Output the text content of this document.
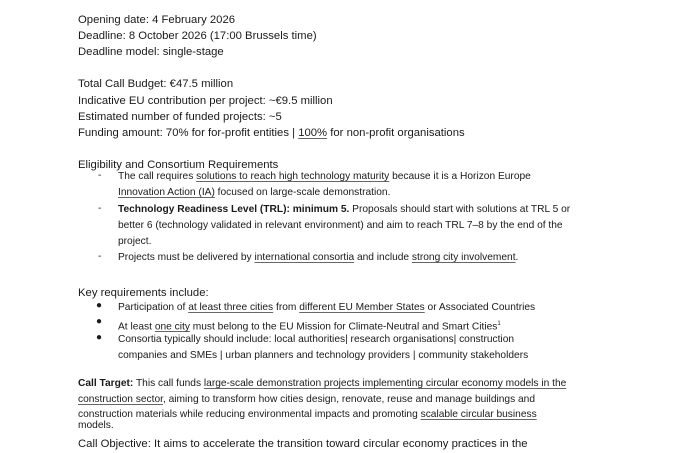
Opening date: 4 February 2026
Deadline: 8 October 2026 (17:00 Brussels time)
Deadline model: single-stage
Total Call Budget: €47.5 million
Indicative EU contribution per project: ~€9.5 million
Estimated number of funded projects: ~5
Funding amount: 70% for for-profit entities | 100% for non-profit organisations
Eligibility and Consortium Requirements
- The call requires solutions to reach high technology maturity because it is a Horizon Europe
Innovation Action (IA) focused on large-scale demonstration.
- Technology Readiness Level (TRL): minimum 5. Proposals should start with solutions at TRL 5 or
better 6 (technology validated in relevant environment) and aim to reach TRL 7–8 by the end of the
project.
- Projects must be delivered by international consortia and include strong city involvement.
Key requirements include:
● Participation of at least three cities from different EU Member States or Associated Countries
● At least one city must belong to the EU Mission for Climate-Neutral and Smart Cities$^1$
● Consortia typically should include: local authorities| research organisations| construction
companies and SMEs | urban planners and technology providers | community stakeholders
Call Target: This call funds large-scale demonstration projects implementing circular economy models in the
construction sector, aiming to transform how cities design, renovate, reuse and manage buildings and
construction materials while reducing environmental impacts and promoting scalable circular business
models.
Call Objective: It aims to accelerate the transition toward circular economy practices in the
